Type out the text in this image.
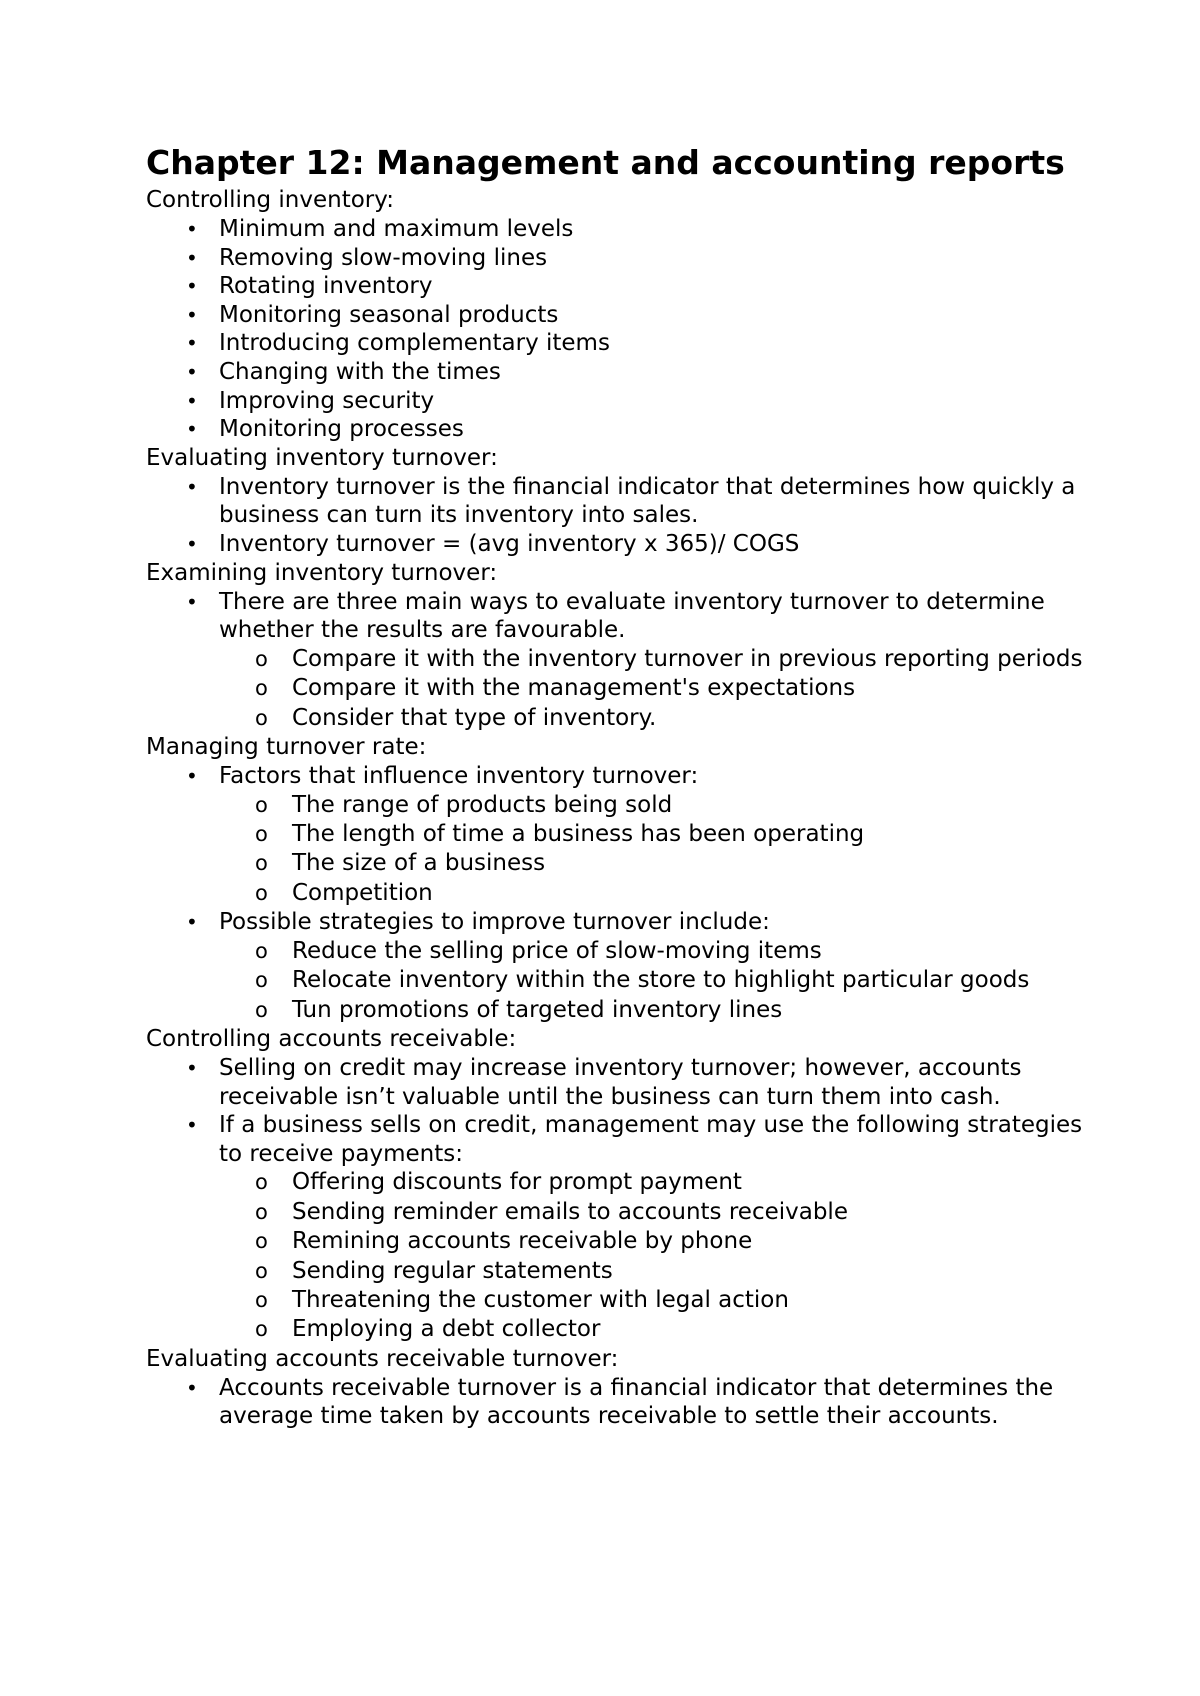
Chapter 12: Management and accounting reports
Controlling inventory:
• Minimum and maximum levels
• Removing slow-moving lines
• Rotating inventory
• Monitoring seasonal products
• Introducing complementary items
• Changing with the times
• Improving security
• Monitoring processes
Evaluating inventory turnover:
• Inventory turnover is the financial indicator that determines how quickly a business can turn its inventory into sales.
• Inventory turnover = (avg inventory x 365)/ COGS
Examining inventory turnover:
• There are three main ways to evaluate inventory turnover to determine whether the results are favourable.
o Compare it with the inventory turnover in previous reporting periods
o Compare it with the management's expectations
o Consider that type of inventory.
Managing turnover rate:
• Factors that influence inventory turnover:
o The range of products being sold
o The length of time a business has been operating
o The size of a business
o Competition
• Possible strategies to improve turnover include:
o Reduce the selling price of slow-moving items
o Relocate inventory within the store to highlight particular goods
o Tun promotions of targeted inventory lines
Controlling accounts receivable:
• Selling on credit may increase inventory turnover; however, accounts receivable isn’t valuable until the business can turn them into cash.
• If a business sells on credit, management may use the following strategies to receive payments:
o Offering discounts for prompt payment
o Sending reminder emails to accounts receivable
o Remining accounts receivable by phone
o Sending regular statements
o Threatening the customer with legal action
o Employing a debt collector
Evaluating accounts receivable turnover:
• Accounts receivable turnover is a financial indicator that determines the average time taken by accounts receivable to settle their accounts.
